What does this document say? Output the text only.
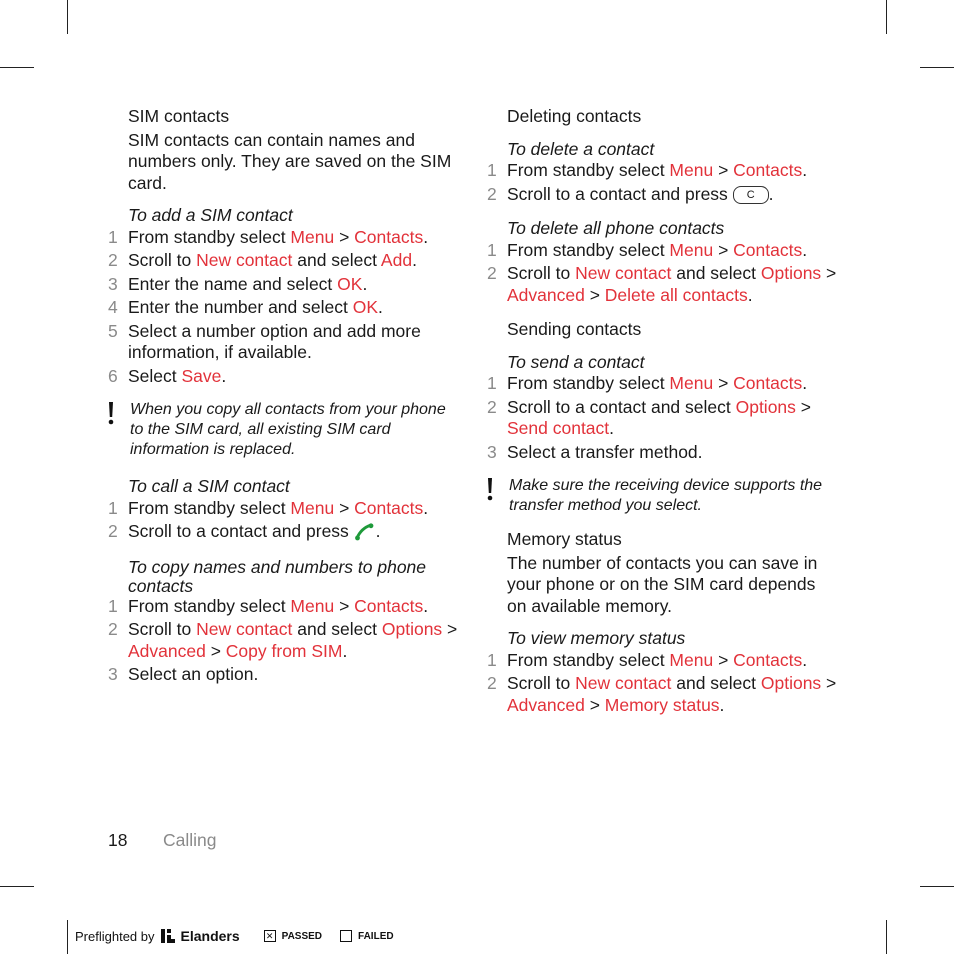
SIM contacts

SIM contacts can contain names and numbers only. They are saved on the SIM card.

To add a SIM contact

1 From standby select Menu > Contacts.
2 Scroll to New contact and select Add.
3 Enter the name and select OK.
4 Enter the number and select OK.
5 Select a number option and add more information, if available.
6 Select Save.
When you copy all contacts from your phone to the SIM card, all existing SIM card information is replaced.

To call a SIM contact

1 From standby select Menu > Contacts.
2 Scroll to a contact and press .

To copy names and numbers to phone contacts

1 From standby select Menu > Contacts.
2 Scroll to New contact and select Options > Advanced > Copy from SIM.
3 Select an option.

Deleting contacts

To delete a contact

1 From standby select Menu > Contacts.
2 Scroll to a contact and press C .

To delete all phone contacts

1 From standby select Menu > Contacts.
2 Scroll to New contact and select Options > Advanced > Delete all contacts.

Sending contacts

To send a contact

1 From standby select Menu > Contacts.
2 Scroll to a contact and select Options > Send contact.
3 Select a transfer method.
Make sure the receiving device supports the transfer method you select.

Memory status

The number of contacts you can save in your phone or on the SIM card depends on available memory.

To view memory status

1 From standby select Menu > Contacts.
2 Scroll to New contact and select Options > Advanced > Memory status.
18 Calling
Preflighted by Elanders	✕ PASSED	FAILED
